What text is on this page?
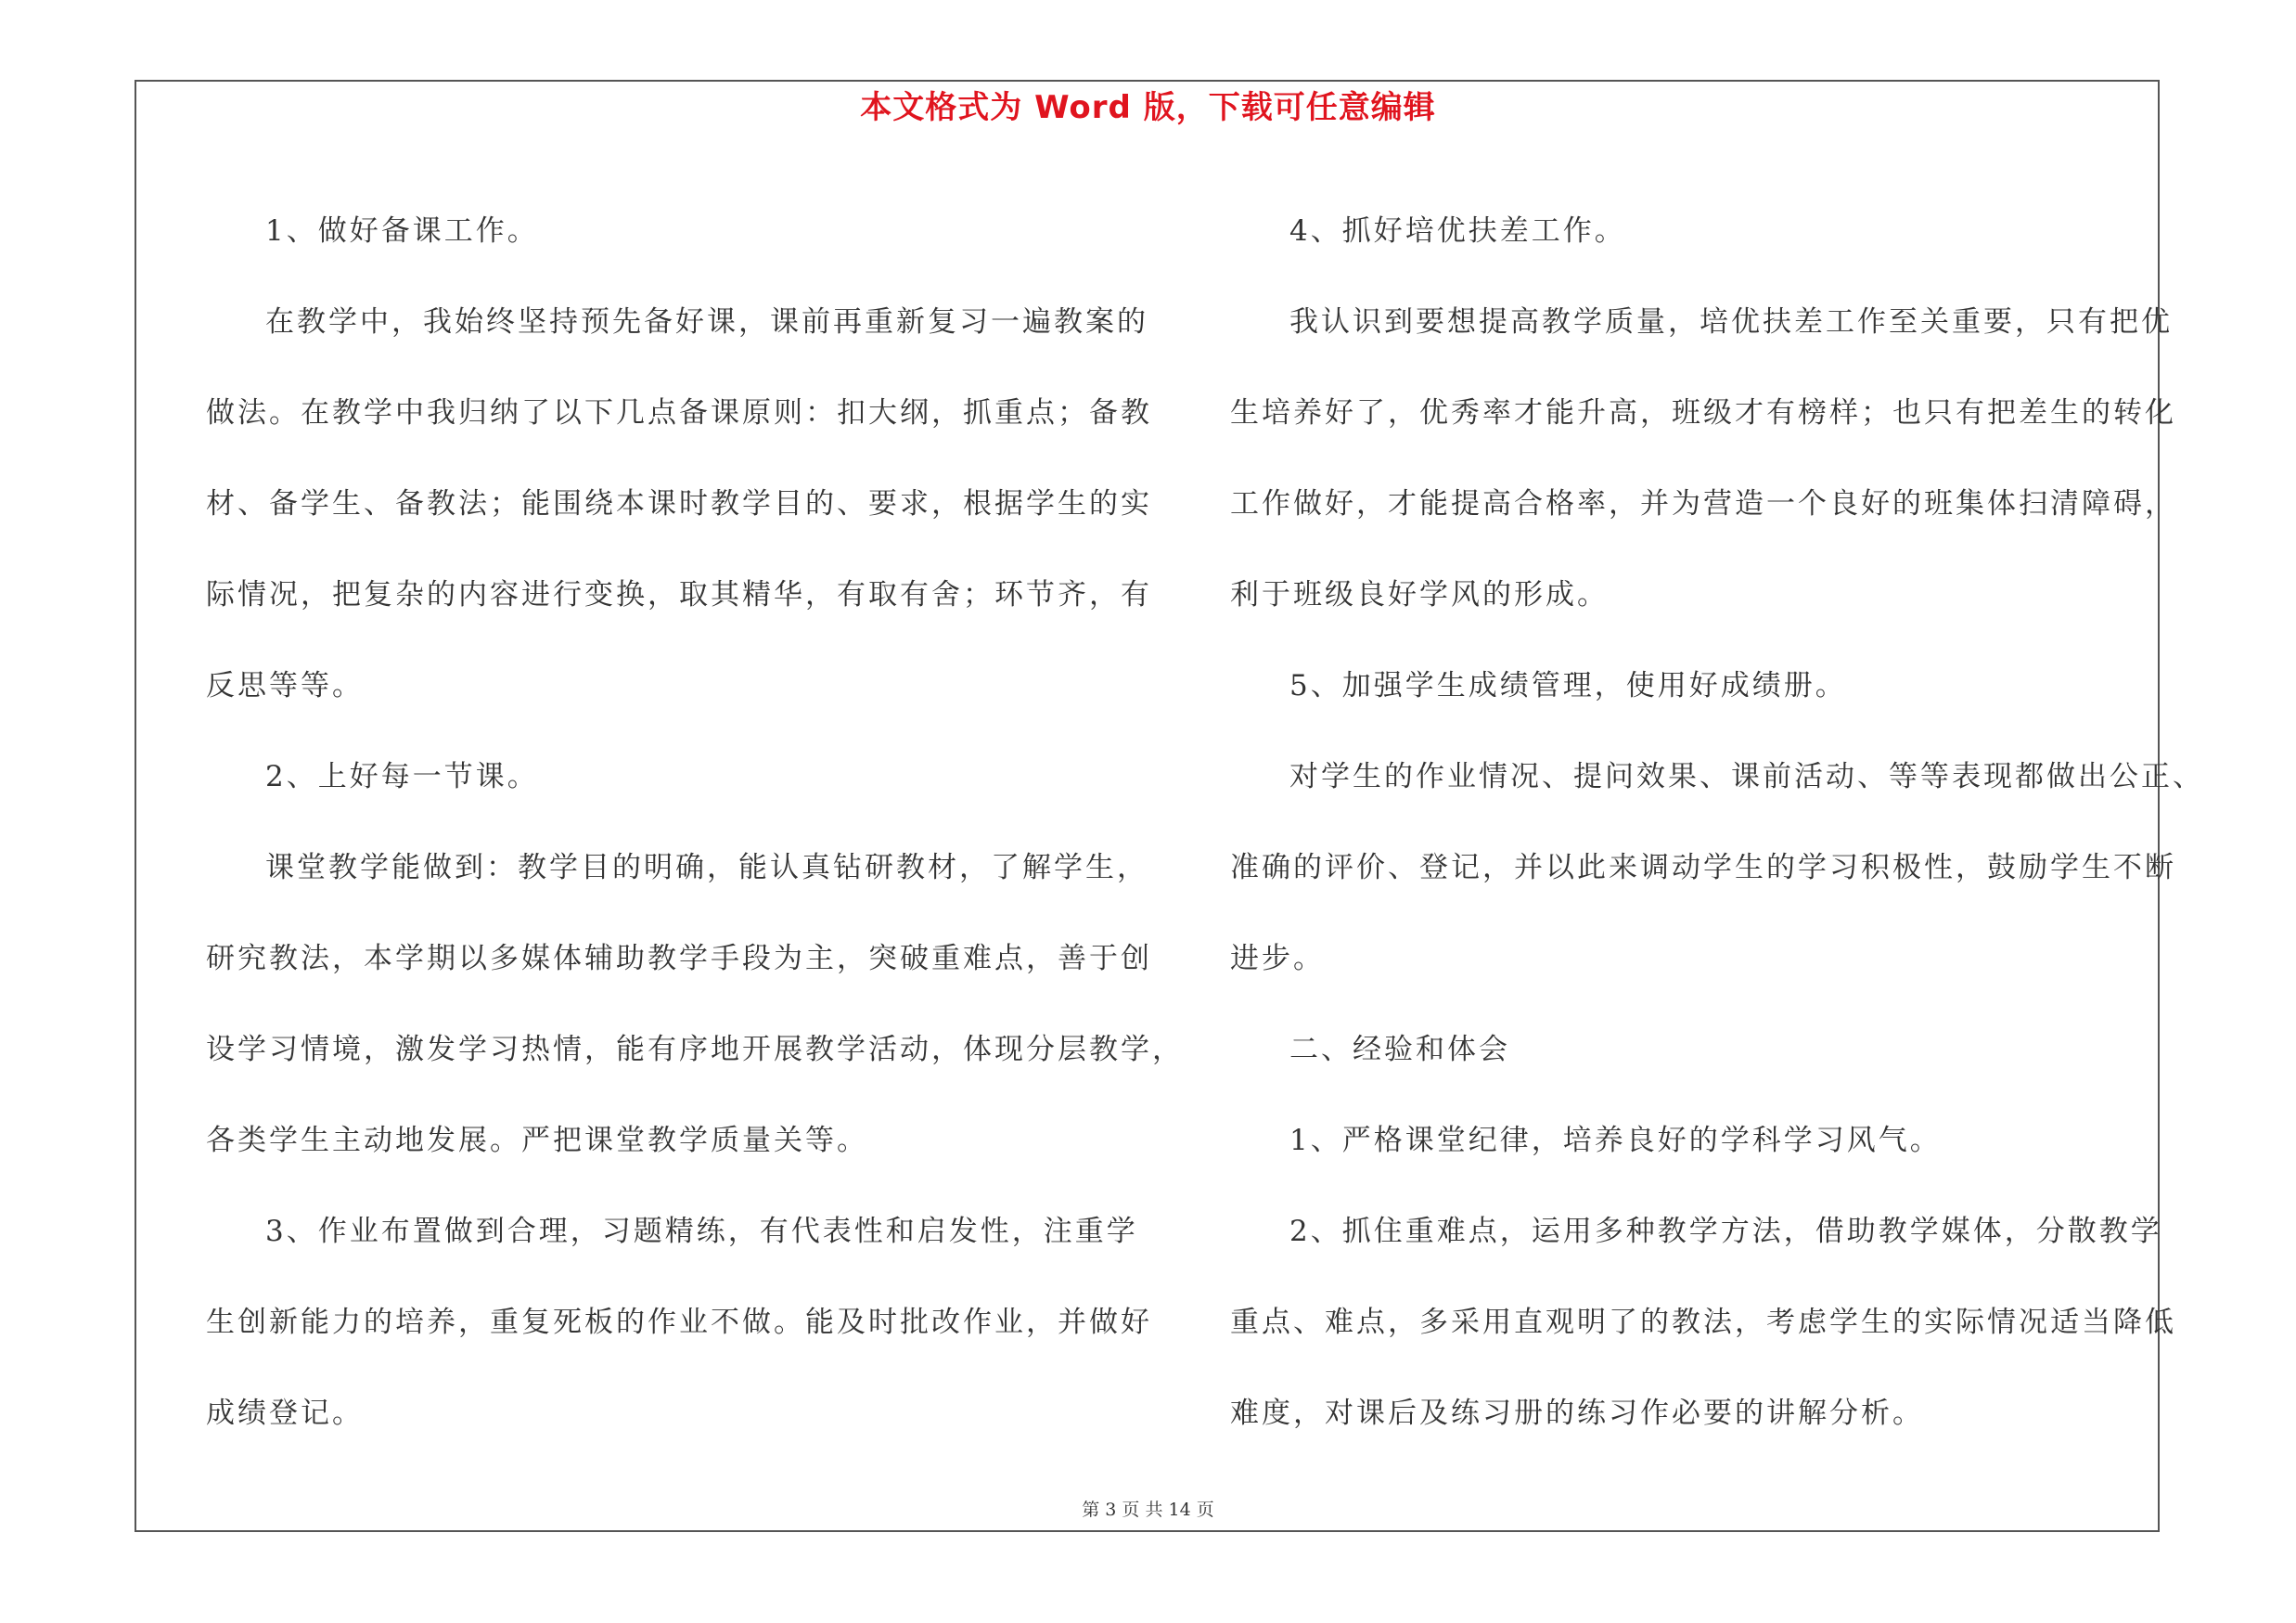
本文格式为 Word 版，下载可任意编辑

1、做好备课工作。

在教学中，我始终坚持预先备好课，课前再重新复习一遍教案的

做法。在教学中我归纳了以下几点备课原则：扣大纲，抓重点；备教

材、备学生、备教法；能围绕本课时教学目的、要求，根据学生的实

际情况，把复杂的内容进行变换，取其精华，有取有舍；环节齐，有

反思等等。

2、上好每一节课。

课堂教学能做到：教学目的明确，能认真钻研教材，了解学生，

研究教法，本学期以多媒体辅助教学手段为主，突破重难点，善于创

设学习情境，激发学习热情，能有序地开展教学活动，体现分层教学，

各类学生主动地发展。严把课堂教学质量关等。

3、作业布置做到合理，习题精练，有代表性和启发性，注重学

生创新能力的培养，重复死板的作业不做。能及时批改作业，并做好

成绩登记。

4、抓好培优扶差工作。

我认识到要想提高教学质量，培优扶差工作至关重要，只有把优

生培养好了，优秀率才能升高，班级才有榜样；也只有把差生的转化

工作做好，才能提高合格率，并为营造一个良好的班集体扫清障碍，

利于班级良好学风的形成。

5、加强学生成绩管理，使用好成绩册。

对学生的作业情况、提问效果、课前活动、等等表现都做出公正、

准确的评价、登记，并以此来调动学生的学习积极性，鼓励学生不断

进步。

二、经验和体会

1、严格课堂纪律，培养良好的学科学习风气。

2、抓住重难点，运用多种教学方法，借助教学媒体，分散教学

重点、难点，多采用直观明了的教法，考虑学生的实际情况适当降低

难度，对课后及练习册的练习作必要的讲解分析。

第 3 页 共 14 页
